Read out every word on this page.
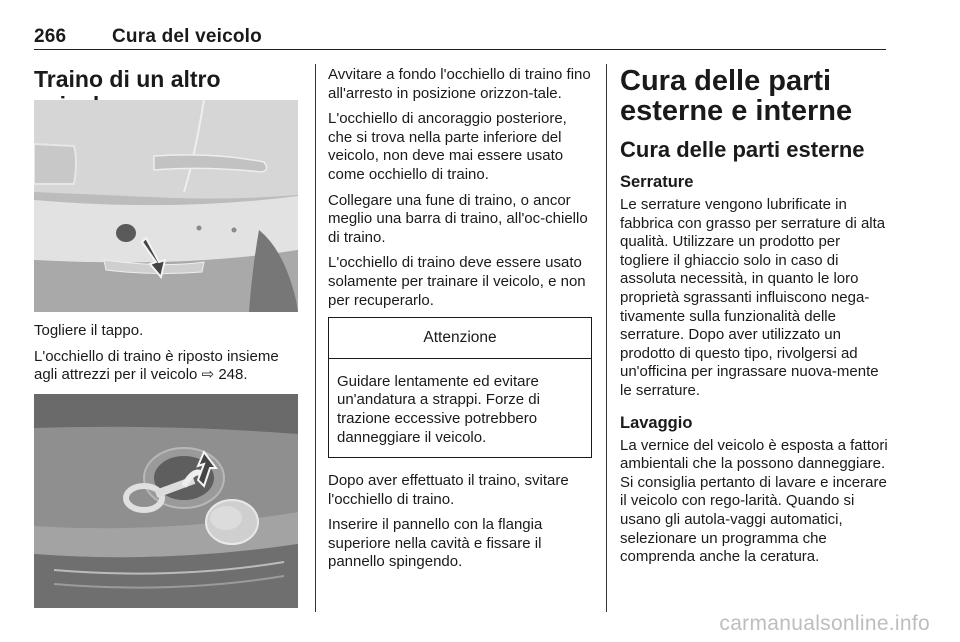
266 Cura del veicolo
Traino di un altro

Togliere il tappo.

L'occhiello di traino è riposto insieme agli attrezzi per il veicolo ⇨ 248.

Avvitare a fondo l'occhiello di traino fino all'arresto in posizione orizzon-tale.

L'occhiello di ancoraggio posteriore, che si trova nella parte inferiore del veicolo, non deve mai essere usato come occhiello di traino.

Collegare una fune di traino, o ancor meglio una barra di traino, all'oc-chiello di traino.

L'occhiello di traino deve essere usato solamente per trainare il veicolo, e non per recuperarlo.

Attenzione
Guidare lentamente ed evitare un'andatura a strappi. Forze di trazione eccessive potrebbero danneggiare il veicolo.

Dopo aver effettuato il traino, svitare l'occhiello di traino.

Inserire il pannello con la flangia superiore nella cavità e fissare il pannello spingendo.

Cura delle parti esterne e interne
Cura delle parti esterne
Serrature

Le serrature vengono lubrificate in fabbrica con grasso per serrature di alta qualità. Utilizzare un prodotto per togliere il ghiaccio solo in caso di assoluta necessità, in quanto le loro proprietà sgrassanti influiscono nega-tivamente sulla funzionalità delle serrature. Dopo aver utilizzato un prodotto di questo tipo, rivolgersi ad un'officina per ingrassare nuova-mente le serrature.

Lavaggio

La vernice del veicolo è esposta a fattori ambientali che la possono danneggiare. Si consiglia pertanto di lavare e incerare il veicolo con rego-larità. Quando si usano gli autola-vaggi automatici, selezionare un programma che comprenda anche la ceratura.

carmanualsonline.info
